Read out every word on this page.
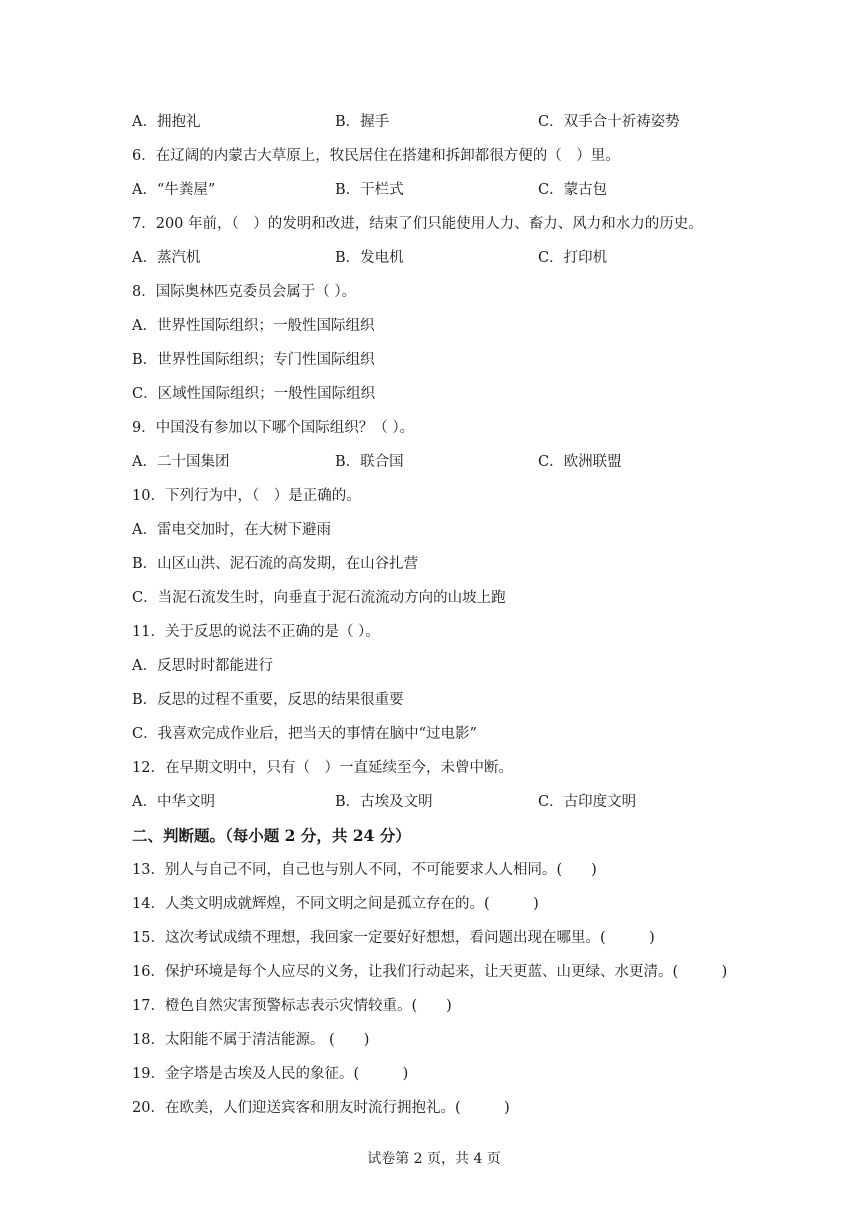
A．拥抱礼	B．握手	C．双手合十祈祷姿势
6．在辽阔的内蒙古大草原上，牧民居住在搭建和拆卸都很方便的（　）里。
A．“牛粪屋”	B．干栏式	C．蒙古包
7．200 年前，（　）的发明和改进，结束了们只能使用人力、畜力、风力和水力的历史。
A．蒸汽机	B．发电机	C．打印机
8．国际奥林匹克委员会属于（ ）。
A．世界性国际组织；一般性国际组织
B．世界性国际组织；专门性国际组织
C．区域性国际组织；一般性国际组织
9．中国没有参加以下哪个国际组织？（ ）。
A．二十国集团	B．联合国	C．欧洲联盟
10．下列行为中，（　）是正确的。
A．雷电交加时，在大树下避雨
B．山区山洪、泥石流的高发期，在山谷扎营
C．当泥石流发生时，向垂直于泥石流流动方向的山坡上跑
11．关于反思的说法不正确的是（ ）。
A．反思时时都能进行
B．反思的过程不重要，反思的结果很重要
C．我喜欢完成作业后，把当天的事情在脑中“过电影”
12．在早期文明中，只有（　）一直延续至今，未曾中断。
A．中华文明	B．古埃及文明	C．古印度文明
二、判断题。（每小题 2 分，共 24 分）
13．别人与自己不同，自己也与别人不同，不可能要求人人相同。(　　)
14．人类文明成就辉煌，不同文明之间是孤立存在的。(　　　)
15．这次考试成绩不理想，我回家一定要好好想想，看问题出现在哪里。(　　　)
16．保护环境是每个人应尽的义务，让我们行动起来，让天更蓝、山更绿、水更清。(　　　)
17．橙色自然灾害预警标志表示灾情较重。(　　)
18．太阳能不属于清洁能源。 (　　)
19．金字塔是古埃及人民的象征。(　　　)
20．在欧美，人们迎送宾客和朋友时流行拥抱礼。(　　　)
试卷第 2 页，共 4 页
